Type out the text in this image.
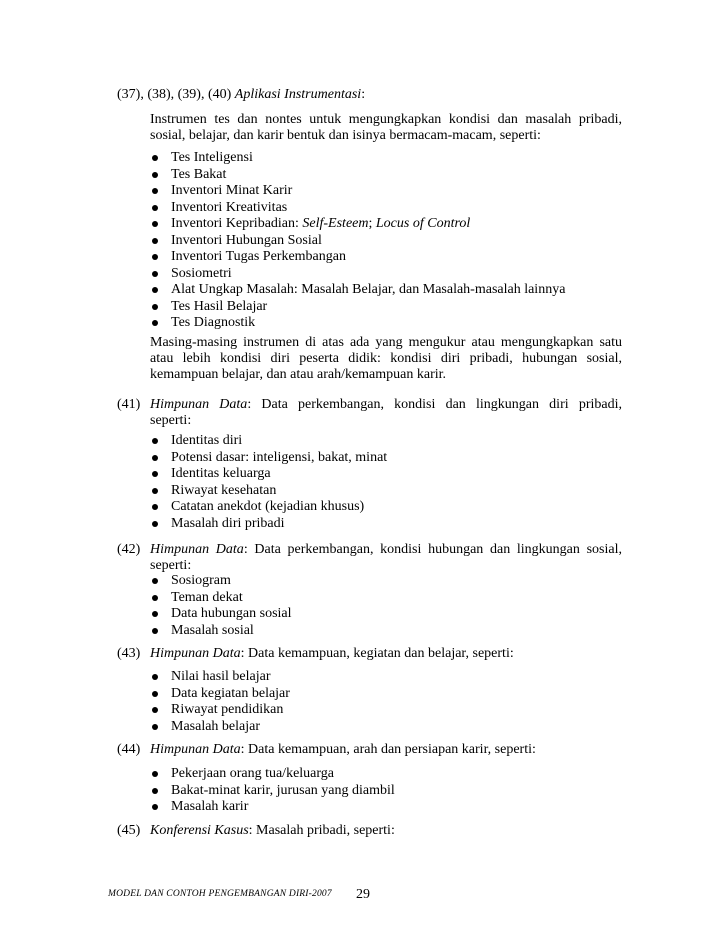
(37), (38), (39), (40) Aplikasi Instrumentasi:
Instrumen tes dan nontes untuk mengungkapkan kondisi dan masalah pribadi,
sosial, belajar, dan karir bentuk dan isinya bermacam-macam, seperti:
Tes Inteligensi
Tes Bakat
Inventori Minat Karir
Inventori Kreativitas
Inventori Kepribadian: Self-Esteem; Locus of Control
Inventori Hubungan Sosial
Inventori Tugas Perkembangan
Sosiometri
Alat Ungkap Masalah: Masalah Belajar, dan Masalah-masalah lainnya
Tes Hasil Belajar
Tes Diagnostik
Masing-masing instrumen di atas ada yang mengukur atau mengungkapkan satu
atau lebih kondisi diri peserta didik: kondisi diri pribadi, hubungan sosial,
kemampuan belajar, dan atau arah/kemampuan karir.
(41) Himpunan Data: Data perkembangan, kondisi dan lingkungan diri pribadi,
seperti:
Identitas diri
Potensi dasar: inteligensi, bakat, minat
Identitas keluarga
Riwayat kesehatan
Catatan anekdot (kejadian khusus)
Masalah diri pribadi
(42) Himpunan Data: Data perkembangan, kondisi hubungan dan lingkungan sosial,
seperti:
Sosiogram
Teman dekat
Data hubungan sosial
Masalah sosial
(43) Himpunan Data: Data kemampuan, kegiatan dan belajar, seperti:
Nilai hasil belajar
Data kegiatan belajar
Riwayat pendidikan
Masalah belajar
(44) Himpunan Data: Data kemampuan, arah dan persiapan karir, seperti:
Pekerjaan orang tua/keluarga
Bakat-minat karir, jurusan yang diambil
Masalah karir
(45) Konferensi Kasus: Masalah pribadi, seperti:
MODEL DAN CONTOH PENGEMBANGAN DIRI-2007 29
